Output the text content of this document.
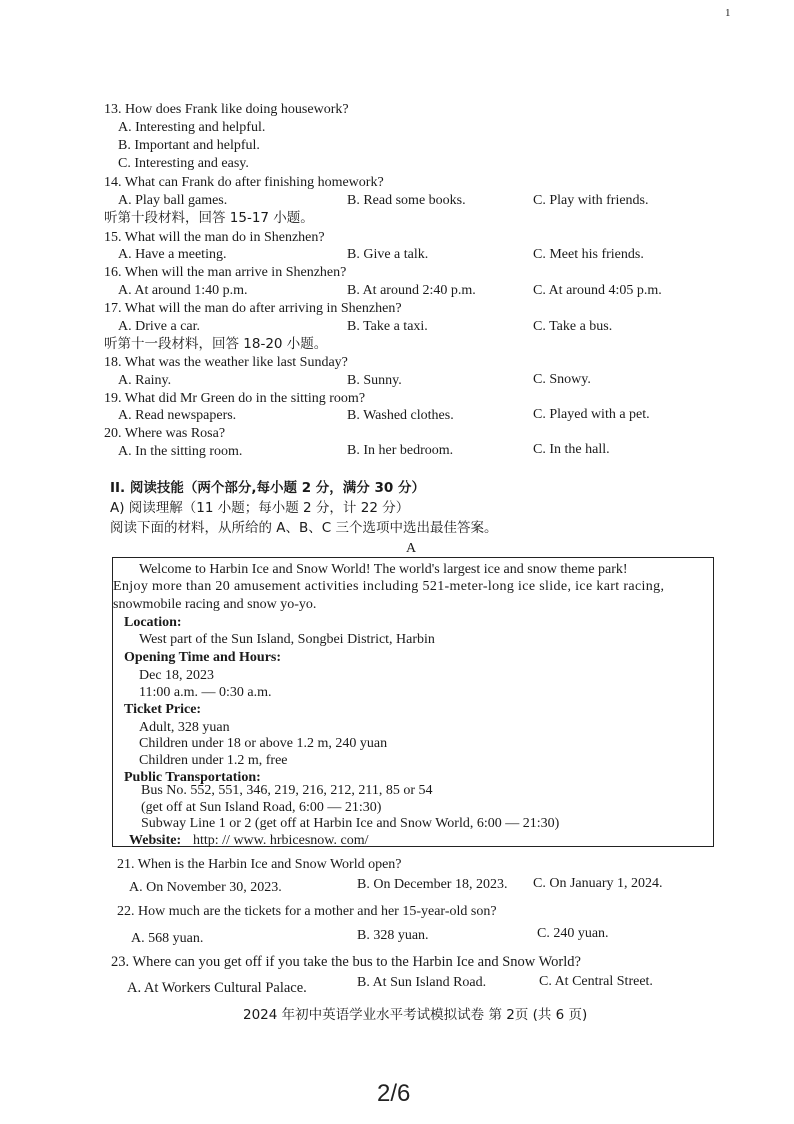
1
13. How does Frank like doing housework?
A. Interesting and helpful.
B. Important and helpful.
C. Interesting and easy.
14. What can Frank do after finishing homework?
A. Play ball games.	B. Read some books.	C. Play with friends.
听第十段材料，回答 15-17 小题。
15. What will the man do in Shenzhen?
A. Have a meeting.	B. Give a talk.	C. Meet his friends.
16. When will the man arrive in Shenzhen?
A. At around 1:40 p.m.	B. At around 2:40 p.m.	C. At around 4:05 p.m.
17. What will the man do after arriving in Shenzhen?
A. Drive a car.	B. Take a taxi.	C. Take a bus.
听第十一段材料，回答 18-20 小题。
18. What was the weather like last Sunday?
A. Rainy.	B. Sunny.	C. Snowy.
19. What did Mr Green do in the sitting room?
A. Read newspapers.	B. Washed clothes.	C. Played with a pet.
20. Where was Rosa?
A. In the sitting room.	B. In her bedroom.	C. In the hall.
II. 阅读技能（两个部分,每小题 2 分，满分 30 分）
A) 阅读理解（11 小题；每小题 2 分，计 22 分）
阅读下面的材料，从所给的 A、B、C 三个选项中选出最佳答案。
A
Welcome to Harbin Ice and Snow World! The world's largest ice and snow theme park!
Enjoy more than 20 amusement activities including 521-meter-long ice slide, ice kart racing,
snowmobile racing and snow yo-yo.
Location:
West part of the Sun Island, Songbei District, Harbin
Opening Time and Hours:
Dec 18, 2023
11:00 a.m. — 0:30 a.m.
Ticket Price:
Adult, 328 yuan
Children under 18 or above 1.2 m, 240 yuan
Children under 1.2 m, free
Public Transportation:
Bus No. 552, 551, 346, 219, 216, 212, 211, 85 or 54
(get off at Sun Island Road, 6:00 — 21:30)
Subway Line 1 or 2 (get off at Harbin Ice and Snow World, 6:00 — 21:30)
Website: http: // www. hrbicesnow. com/
21. When is the Harbin Ice and Snow World open?
A. On November 30, 2023.	B. On December 18, 2023. C. On January 1, 2024.
22. How much are the tickets for a mother and her 15-year-old son?
A. 568 yuan.	B. 328 yuan.	C. 240 yuan.
23. Where can you get off if you take the bus to the Harbin Ice and Snow World?
A. At Workers Cultural Palace.	B. At Sun Island Road.	C. At Central Street.
2024 年初中英语学业水平考试模拟试卷 第 2页 (共 6 页)
2/6
